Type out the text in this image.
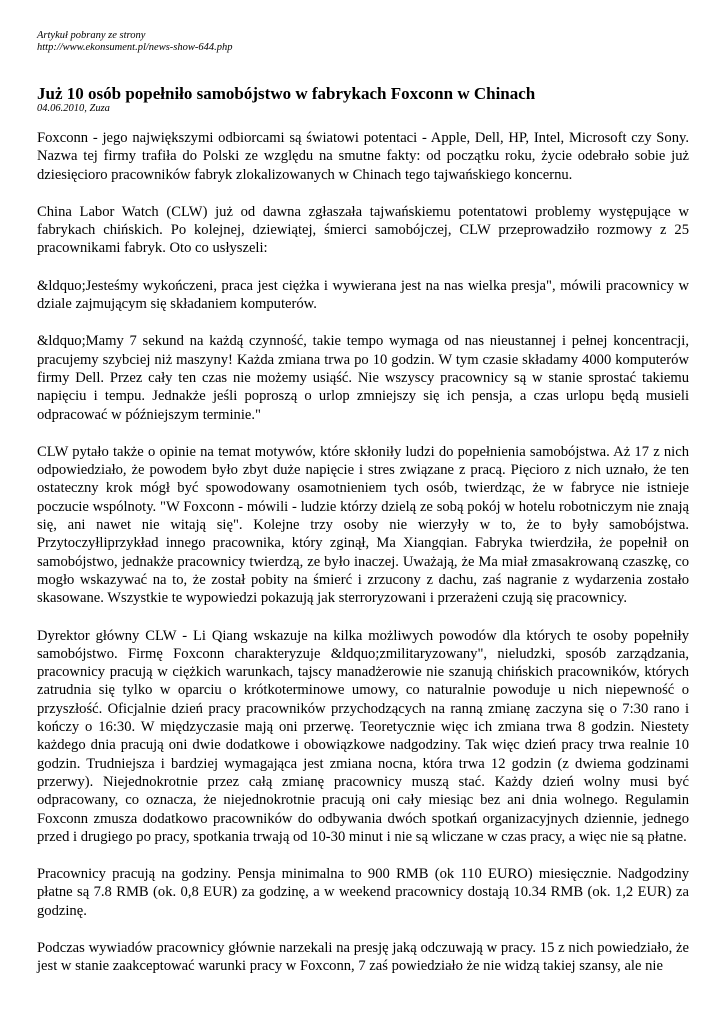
Artykuł pobrany ze strony
http://www.ekonsument.pl/news-show-644.php
Już 10 osób popełniło samobójstwo w fabrykach Foxconn w Chinach
04.06.2010, Zuza

Foxconn - jego największymi odbiorcami są światowi potentaci - Apple, Dell, HP, Intel, Microsoft czy Sony. Nazwa tej firmy trafiła do Polski ze względu na smutne fakty: od początku roku, życie odebrało sobie już dziesięcioro pracowników fabryk zlokalizowanych w Chinach tego tajwańskiego koncernu.

China Labor Watch (CLW) już od dawna zgłaszała tajwańskiemu potentatowi problemy występujące w fabrykach chińskich. Po kolejnej, dziewiątej, śmierci samobójczej, CLW przeprowadziło rozmowy z 25 pracownikami fabryk. Oto co usłyszeli:

&ldquo;Jesteśmy wykończeni, praca jest ciężka i wywierana jest na nas wielka presja", mówili pracownicy w dziale zajmującym się składaniem komputerów.

&ldquo;Mamy 7 sekund na każdą czynność, takie tempo wymaga od nas nieustannej i pełnej koncentracji, pracujemy szybciej niż maszyny! Każda zmiana trwa po 10 godzin. W tym czasie składamy 4000 komputerów firmy Dell. Przez cały ten czas nie możemy usiąść. Nie wszyscy pracownicy są w stanie sprostać takiemu napięciu i tempu. Jednakże jeśli poproszą o urlop zmniejszy się ich pensja, a czas urlopu będą musieli odpracować w późniejszym terminie."

CLW pytało także o opinie na temat motywów, które skłoniły ludzi do popełnienia samobójstwa. Aż 17 z nich odpowiedziało, że powodem było zbyt duże napięcie i stres związane z pracą. Pięcioro z nich uznało, że ten ostateczny krok mógł być spowodowany osamotnieniem tych osób, twierdząc, że w fabryce nie istnieje poczucie wspólnoty. "W Foxconn - mówili - ludzie którzy dzielą ze sobą pokój w hotelu robotniczym nie znają się, ani nawet nie witają się". Kolejne trzy osoby nie wierzyły w to, że to były samobójstwa. Przytoczyłliprzykład innego pracownika, który zginął, Ma Xiangqian. Fabryka twierdziła, że popełnił on samobójstwo, jednakże pracownicy twierdzą, ze było inaczej. Uważają, że Ma miał zmasakrowaną czaszkę, co mogło wskazywać na to, że został pobity na śmierć i zrzucony z dachu, zaś nagranie z wydarzenia zostało skasowane. Wszystkie te wypowiedzi pokazują jak sterroryzowani i przerażeni czują się pracownicy.

Dyrektor główny CLW - Li Qiang wskazuje na kilka możliwych powodów dla których te osoby popełniły samobójstwo. Firmę Foxconn charakteryzuje &ldquo;zmilitaryzowany", nieludzki, sposób zarządzania, pracownicy pracują w ciężkich warunkach, tajscy manadżerowie nie szanują chińskich pracowników, których zatrudnia się tylko w oparciu o krótkoterminowe umowy, co naturalnie powoduje u nich niepewność o przyszłość. Oficjalnie dzień pracy pracowników przychodzących na ranną zmianę zaczyna się o 7:30 rano i kończy o 16:30. W międzyczasie mają oni przerwę. Teoretycznie więc ich zmiana trwa 8 godzin. Niestety każdego dnia pracują oni dwie dodatkowe i obowiązkowe nadgodziny. Tak więc dzień pracy trwa realnie 10 godzin. Trudniejsza i bardziej wymagająca jest zmiana nocna, która trwa 12 godzin (z dwiema godzinami przerwy). Niejednokrotnie przez całą zmianę pracownicy muszą stać. Każdy dzień wolny musi być odpracowany, co oznacza, że niejednokrotnie pracują oni cały miesiąc bez ani dnia wolnego. Regulamin Foxconn zmusza dodatkowo pracowników do odbywania dwóch spotkań organizacyjnych dziennie, jednego przed i drugiego po pracy, spotkania trwają od 10-30 minut i nie są wliczane w czas pracy, a więc nie są płatne.

Pracownicy pracują na godziny. Pensja minimalna to 900 RMB (ok 110 EURO) miesięcznie. Nadgodziny płatne są 7.8 RMB (ok. 0,8 EUR) za godzinę, a w weekend pracownicy dostają 10.34 RMB (ok. 1,2 EUR) za godzinę.

Podczas wywiadów pracownicy głównie narzekali na presję jaką odczuwają w pracy. 15 z nich powiedziało, że jest w stanie zaakceptować warunki pracy w Foxconn, 7 zaś powiedziało że nie widzą takiej szansy, ale nie
